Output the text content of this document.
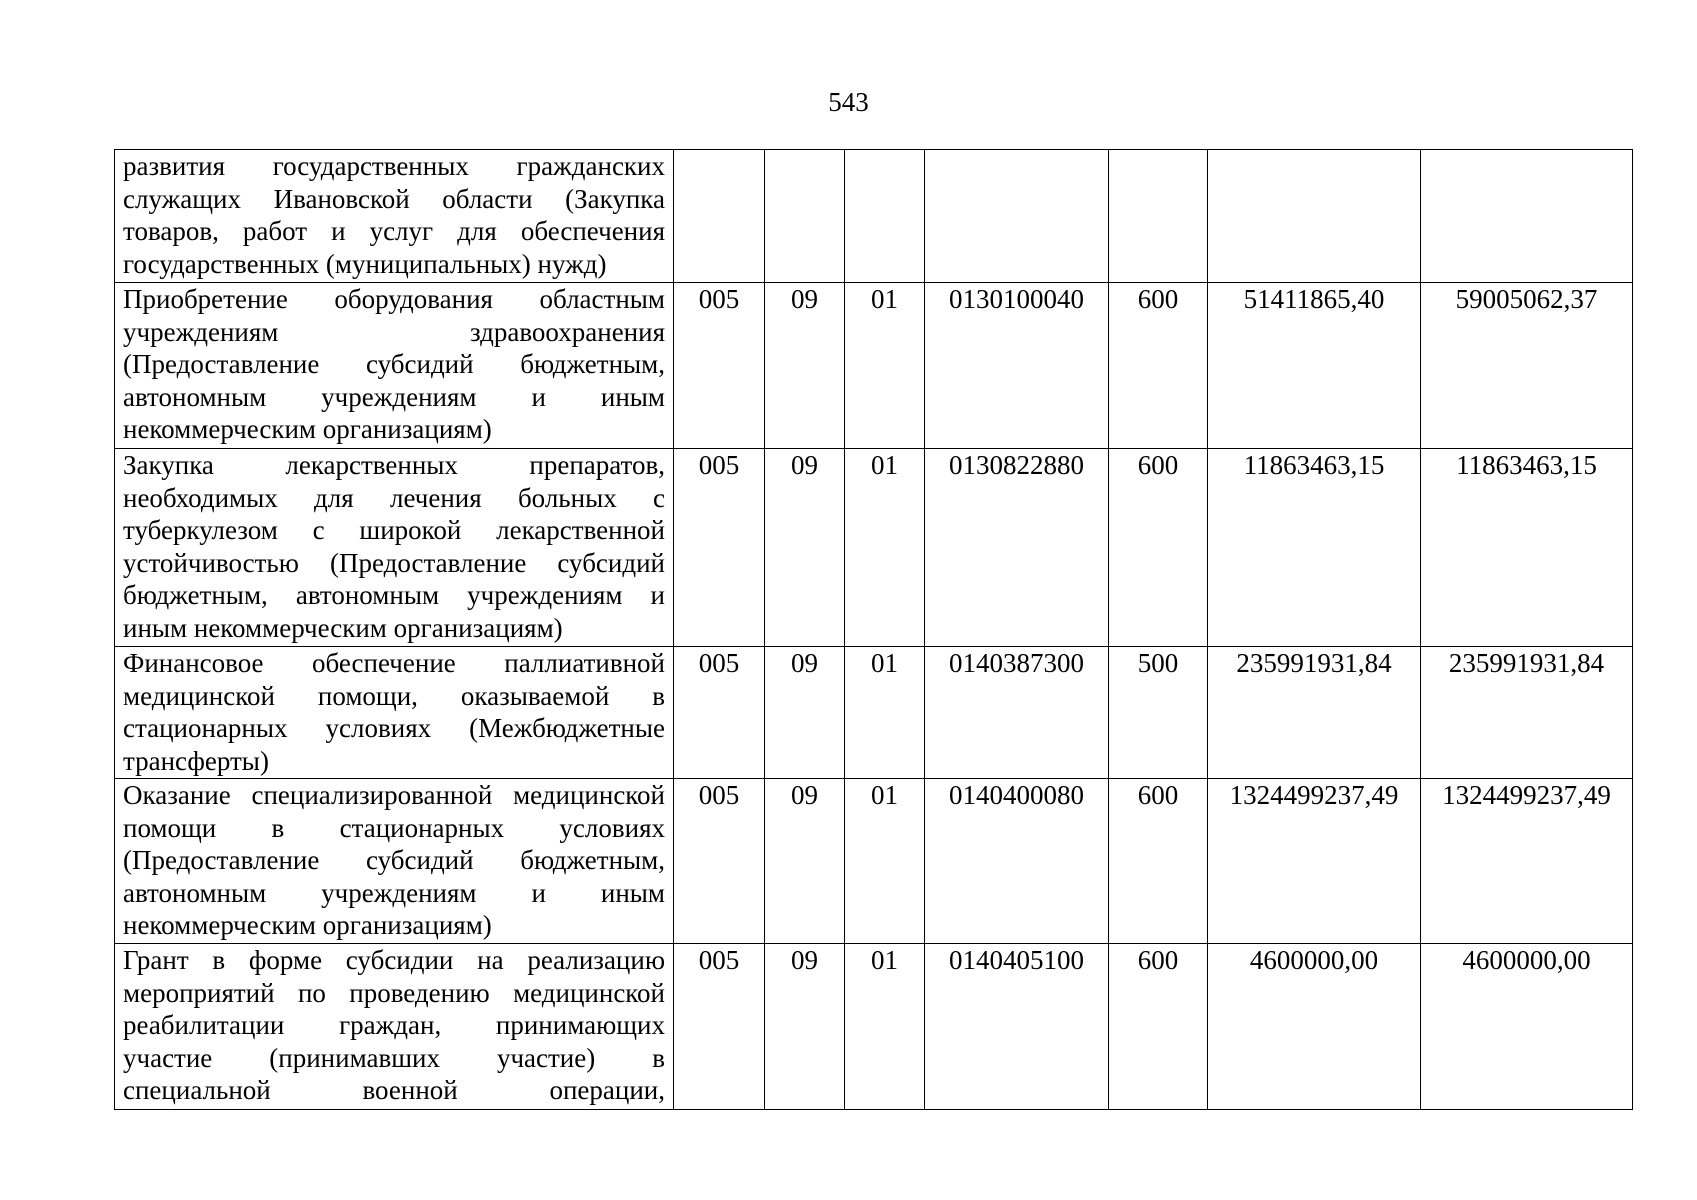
543
развития государственных гражданских служащих Ивановской области (Закупка товаров, работ и услуг для обеспечения государственных (муниципальных) нужд)							
Приобретение оборудования областным учреждениям здравоохранения (Предоставление субсидий бюджетным, автономным учреждениям и иным некоммерческим организациям)	005	09	01	0130100040	600	51411865,40	59005062,37
Закупка лекарственных препаратов, необходимых для лечения больных с туберкулезом с широкой лекарственной устойчивостью (Предоставление субсидий бюджетным, автономным учреждениям и иным некоммерческим организациям)	005	09	01	0130822880	600	11863463,15	11863463,15
Финансовое обеспечение паллиативной медицинской помощи, оказываемой в стационарных условиях (Межбюджетные трансферты)	005	09	01	0140387300	500	235991931,84	235991931,84
Оказание специализированной медицинской помощи в стационарных условиях (Предоставление субсидий бюджетным, автономным учреждениям и иным некоммерческим организациям)	005	09	01	0140400080	600	1324499237,49	1324499237,49
Грант в форме субсидии на реализацию мероприятий по проведению медицинской реабилитации граждан, принимающих участие (принимавших участие) в специальной военной операции,	005	09	01	0140405100	600	4600000,00	4600000,00
